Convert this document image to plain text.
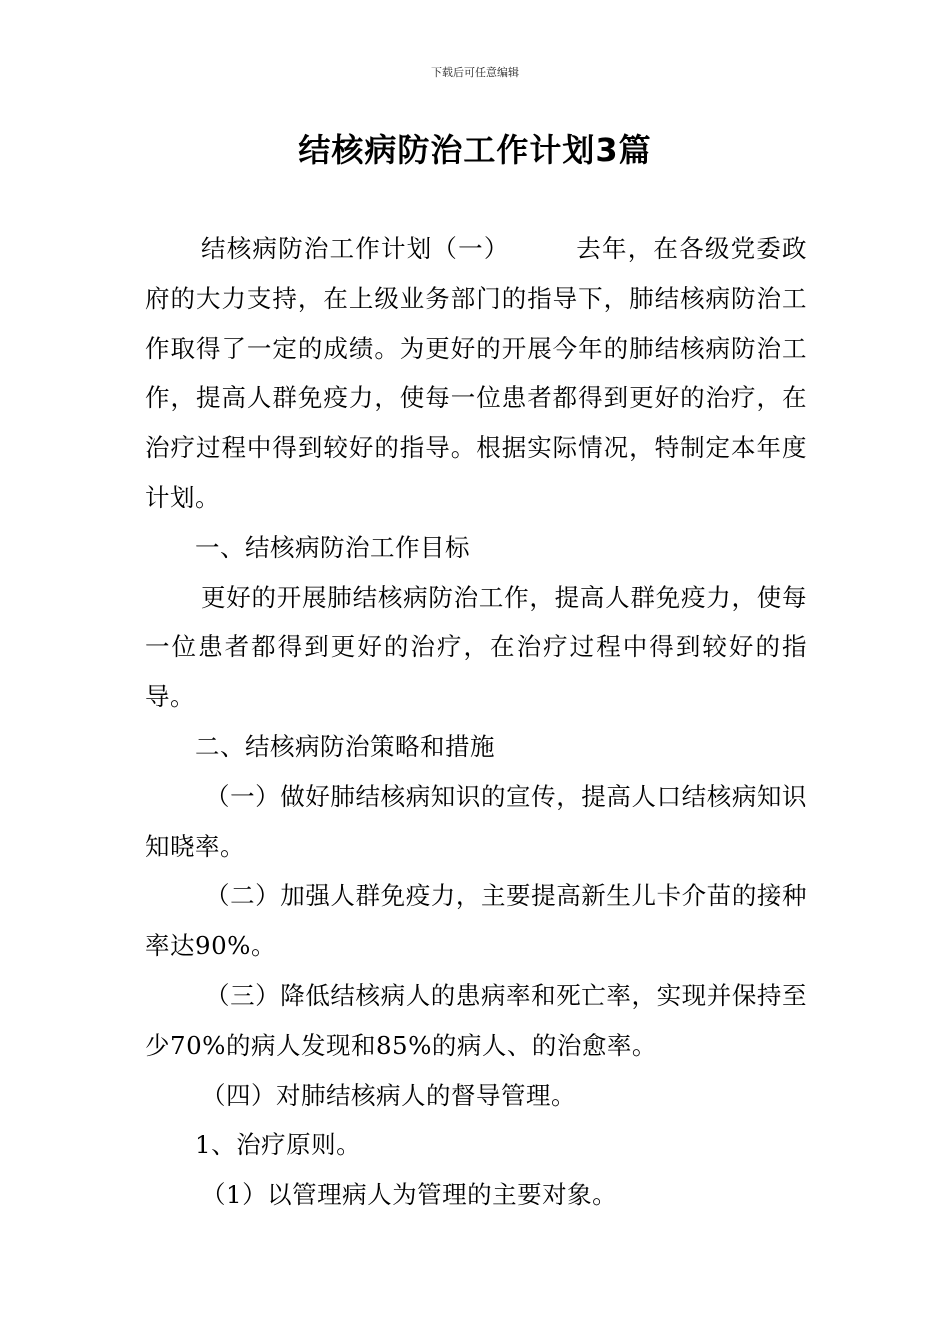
下载后可任意编辑
结核病防治工作计划3篇

结核病防治工作计划（一）	去年，在各级党委政府的大力支持，在上级业务部门的指导下，肺结核病防治工作取得了一定的成绩。为更好的开展今年的肺结核病防治工作，提高人群免疫力，使每一位患者都得到更好的治疗，在治疗过程中得到较好的指导。根据实际情况，特制定本年度计划。

一、结核病防治工作目标

更好的开展肺结核病防治工作，提高人群免疫力，使每一位患者都得到更好的治疗，在治疗过程中得到较好的指导。

二、结核病防治策略和措施

（一）做好肺结核病知识的宣传，提高人口结核病知识知晓率。

（二）加强人群免疫力，主要提高新生儿卡介苗的接种率达90%。

（三）降低结核病人的患病率和死亡率，实现并保持至少70%的病人发现和85%的病人、的治愈率。

（四）对肺结核病人的督导管理。

1、治疗原则。

（1）以管理病人为管理的主要对象。
